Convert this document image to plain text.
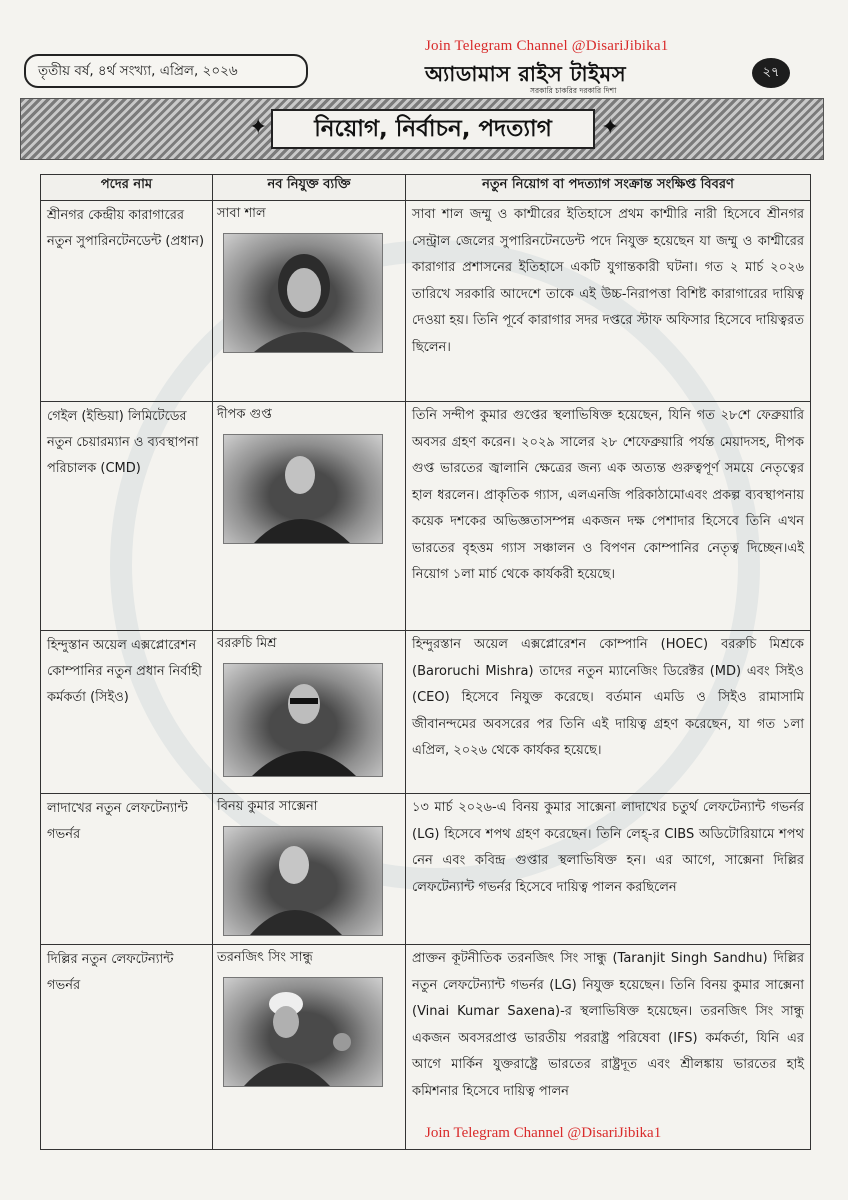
Join Telegram Channel @DisariJibika1
তৃতীয় বর্ষ, ৪র্থ সংখ্যা, এপ্রিল, ২০২৬	অ্যাডামাস রাইস টাইমস
সরকারি চাকরির দরকারি দিশা
২৭
✦	নিয়োগ, নির্বাচন, পদত্যাগ	✦
পদের নাম	নব নিযুক্ত ব্যক্তি	নতুন নিয়োগ বা পদত্যাগ সংক্রান্ত সংক্ষিপ্ত বিবরণ
শ্রীনগর কেন্দ্রীয় কারাগারের নতুন সুপারিনটেনডেন্ট (প্রধান)	সাবা শাল	সাবা শাল জম্মু ও কাশ্মীরের ইতিহাসে প্রথম কাশ্মীরি নারী হিসেবে শ্রীনগর সেন্ট্রাল জেলের সুপারিনটেনডেন্ট পদে নিযুক্ত হয়েছেন যা জম্মু ও কাশ্মীরের কারাগার প্রশাসনের ইতিহাসে একটি যুগান্তকারী ঘটনা। গত ২ মার্চ ২০২৬ তারিখে সরকারি আদেশে তাকে এই উচ্চ-নিরাপত্তা বিশিষ্ট কারাগারের দায়িত্ব দেওয়া হয়। তিনি পূর্বে কারাগার সদর দপ্তরে স্টাফ অফিসার হিসেবে দায়িত্বরত ছিলেন।
গেইল (ইন্ডিয়া) লিমিটেডের নতুন চেয়ারম্যান ও ব্যবস্থাপনা পরিচালক (CMD)	দীপক গুপ্ত	তিনি সন্দীপ কুমার গুপ্তের স্থলাভিষিক্ত হয়েছেন, যিনি গত ২৮শে ফেব্রুয়ারি অবসর গ্রহণ করেন। ২০২৯ সালের ২৮ শেফেব্রুয়ারি পর্যন্ত মেয়াদসহ, দীপক গুপ্ত ভারতের জ্বালানি ক্ষেত্রের জন্য এক অত্যন্ত গুরুত্বপূর্ণ সময়ে নেতৃত্বের হাল ধরলেন। প্রাকৃতিক গ্যাস, এলএনজি পরিকাঠামোএবং প্রকল্প ব্যবস্থাপনায় কয়েক দশকের অভিজ্ঞতাসম্পন্ন একজন দক্ষ পেশাদার হিসেবে তিনি এখন ভারতের বৃহত্তম গ্যাস সঞ্চালন ও বিপণন কোম্পানির নেতৃত্ব দিচ্ছেন।এই নিয়োগ ১লা মার্চ থেকে কার্যকরী হয়েছে।
হিন্দুস্তান অয়েল এক্সপ্লোরেশন কোম্পানির নতুন প্রধান নির্বাহী কর্মকর্তা (সিইও)	বররুচি মিশ্র	হিন্দুরস্তান অয়েল এক্সপ্লোরেশন কোম্পানি (HOEC) বররুচি মিশ্রকে (Baroruchi Mishra) তাদের নতুন ম্যানেজিং ডিরেক্টর (MD) এবং সিইও (CEO) হিসেবে নিযুক্ত করেছে। বর্তমান এমডি ও সিইও রামাসামি জীবানন্দমের অবসরের পর তিনি এই দায়িত্ব গ্রহণ করেছেন, যা গত ১লা এপ্রিল, ২০২৬ থেকে কার্যকর হয়েছে।
লাদাখের নতুন লেফটেন্যান্ট গভর্নর	বিনয় কুমার সাক্সেনা	১৩ মার্চ ২০২৬-এ বিনয় কুমার সাক্সেনা লাদাখের চতুর্থ লেফটেন্যান্ট গভর্নর (LG) হিসেবে শপথ গ্রহণ করেছেন। তিনি লেহ্-র CIBS অডিটোরিয়ামে শপথ নেন এবং কবিন্দ্র গুপ্তার স্থলাভিষিক্ত হন। এর আগে, সাক্সেনা দিল্লির লেফটেন্যান্ট গভর্নর হিসেবে দায়িত্ব পালন করছিলেন
দিল্লির নতুন লেফটেন্যান্ট গভর্নর	তরনজিৎ সিং সান্ধু	প্রাক্তন কূটনীতিক তরনজিৎ সিং সান্ধু (Taranjit Singh Sandhu) দিল্লির নতুন লেফটেন্যান্ট গভর্নর (LG) নিযুক্ত হয়েছেন। তিনি বিনয় কুমার সাক্সেনা (Vinai Kumar Saxena)-র স্থলাভিষিক্ত হয়েছেন। তরনজিৎ সিং সান্ধু একজন অবসরপ্রাপ্ত ভারতীয় পররাষ্ট্র পরিষেবা (IFS) কর্মকর্তা, যিনি এর আগে মার্কিন যুক্তরাষ্ট্রে ভারতের রাষ্ট্রদূত এবং শ্রীলঙ্কায় ভারতের হাই কমিশনার হিসেবে দায়িত্ব পালন
Join Telegram Channel @DisariJibika1
